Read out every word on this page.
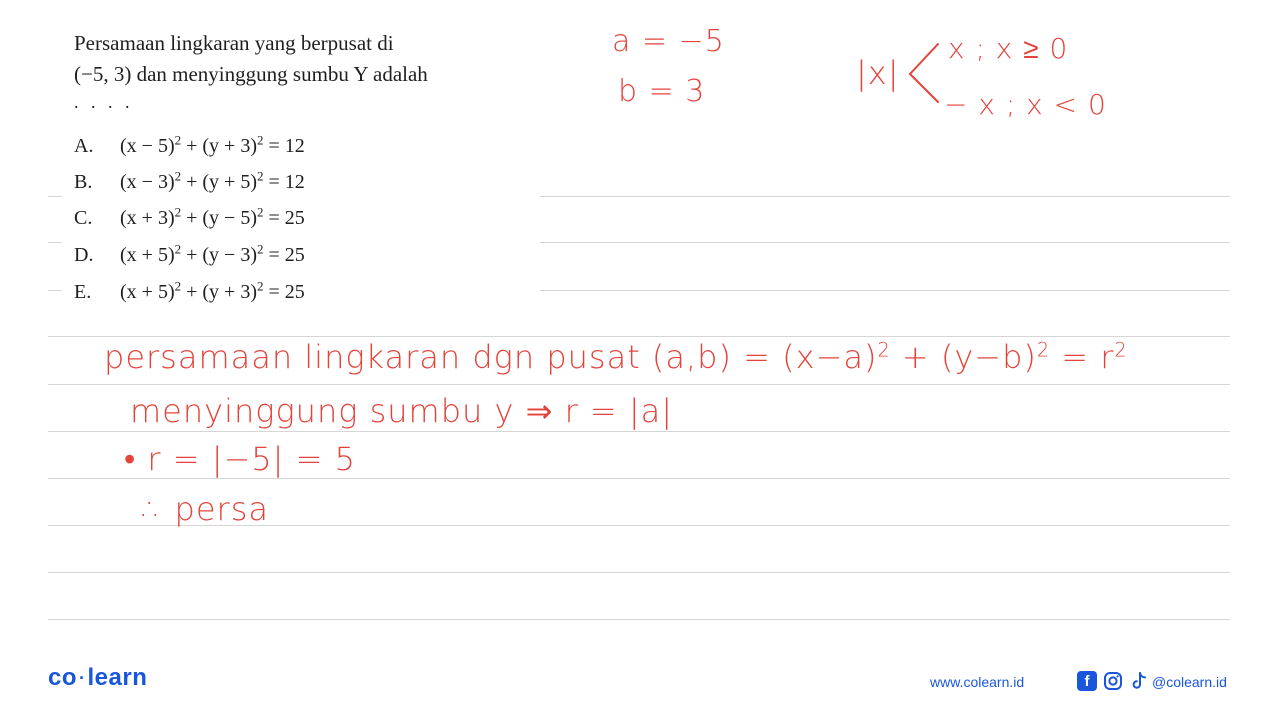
Persamaan lingkaran yang berpusat di
(−5, 3) dan menyinggung sumbu Y adalah
. . . .
A. $(x - 5)^2 + (y + 3)^2 = 12$
B. $(x - 3)^2 + (y + 5)^2 = 12$
C. $(x + 3)^2 + (y - 5)^2 = 25$
D. $(x + 5)^2 + (y - 3)^2 = 25$
E. $(x + 5)^2 + (y + 3)^2 = 25$
a = −5
b = 3	|x|
x ; x ≥ 0
− x ; x < 0
persamaan lingkaran dgn pusat $(a,b) = (x-a)^2 + (y-b)^2 = r^2$
menyinggung sumbu y ⇒ r = |a|
• r = |−5| = 5
∴ persa
co ·learn	www.colearn.id	f	@colearn.id
